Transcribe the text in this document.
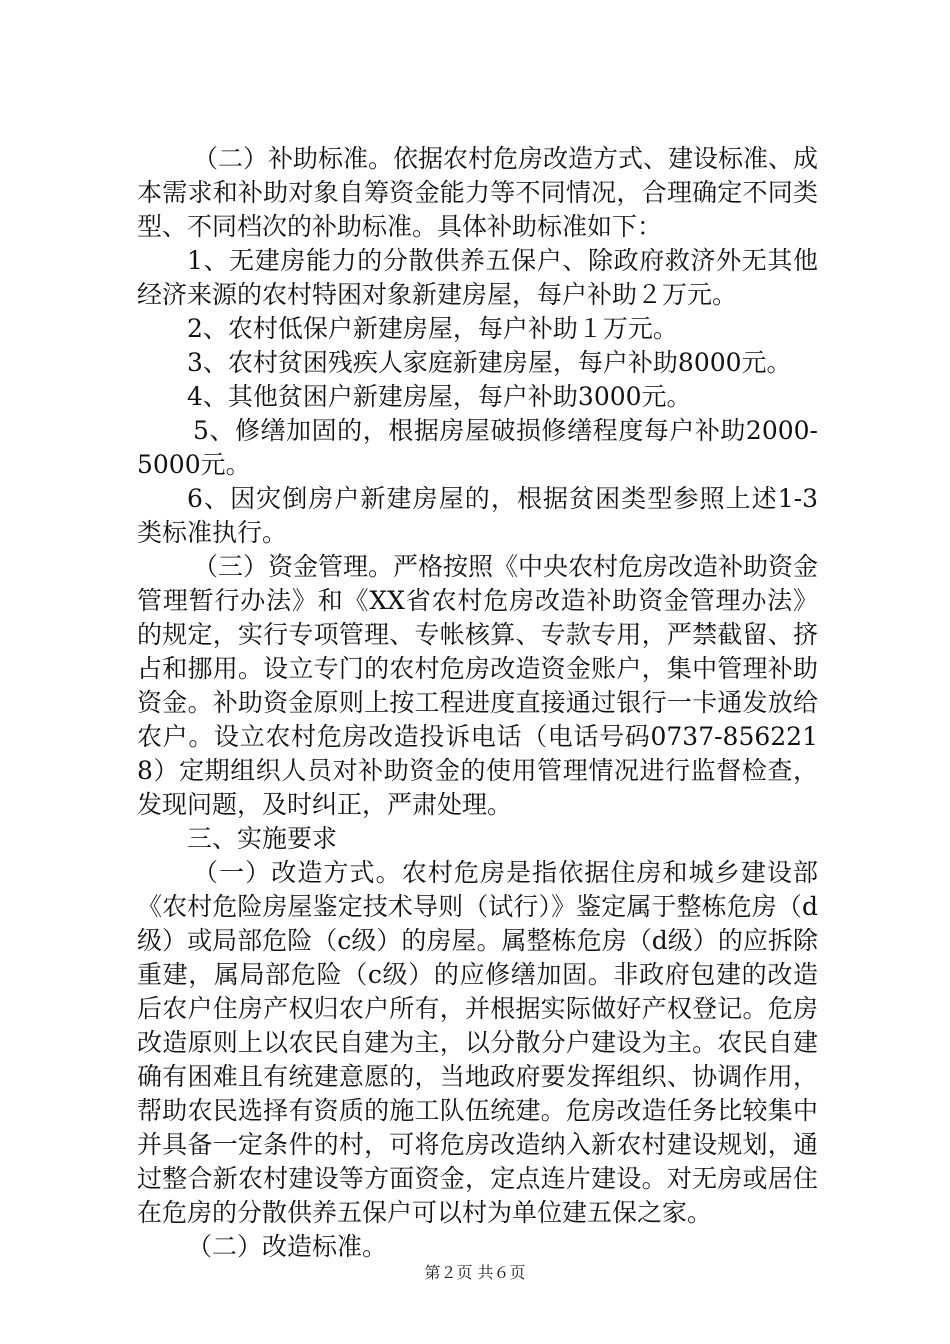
（二）补助标准。依据农村危房改造方式、建设标准、成本需求和补助对象自筹资金能力等不同情况，合理确定不同类型、不同档次的补助标准。具体补助标准如下：

1、无建房能力的分散供养五保户、除政府救济外无其他经济来源的农村特困对象新建房屋，每户补助２万元。

2、农村低保户新建房屋，每户补助１万元。

3、农村贫困残疾人家庭新建房屋，每户补助8000元。

4、其他贫困户新建房屋，每户补助3000元。

5、修缮加固的，根据房屋破损修缮程度每户补助2000-5000元。

6、因灾倒房户新建房屋的，根据贫困类型参照上述1-3类标准执行。

（三）资金管理。严格按照《中央农村危房改造补助资金管理暂行办法》和《XX省农村危房改造补助资金管理办法》的规定，实行专项管理、专帐核算、专款专用，严禁截留、挤占和挪用。设立专门的农村危房改造资金账户，集中管理补助资金。补助资金原则上按工程进度直接通过银行一卡通发放给农户。设立农村危房改造投诉电话（电话号码0737-8562218）定期组织人员对补助资金的使用管理情况进行监督检查，发现问题，及时纠正，严肃处理。

三、实施要求

（一）改造方式。农村危房是指依据住房和城乡建设部《农村危险房屋鉴定技术导则（试行）》鉴定属于整栋危房（d级）或局部危险（c级）的房屋。属整栋危房（d级）的应拆除重建，属局部危险（c级）的应修缮加固。非政府包建的改造后农户住房产权归农户所有，并根据实际做好产权登记。危房改造原则上以农民自建为主，以分散分户建设为主。农民自建确有困难且有统建意愿的，当地政府要发挥组织、协调作用，帮助农民选择有资质的施工队伍统建。危房改造任务比较集中并具备一定条件的村，可将危房改造纳入新农村建设规划，通过整合新农村建设等方面资金，定点连片建设。对无房或居住在危房的分散供养五保户可以村为单位建五保之家。

（二）改造标准。

第２页 共６页
